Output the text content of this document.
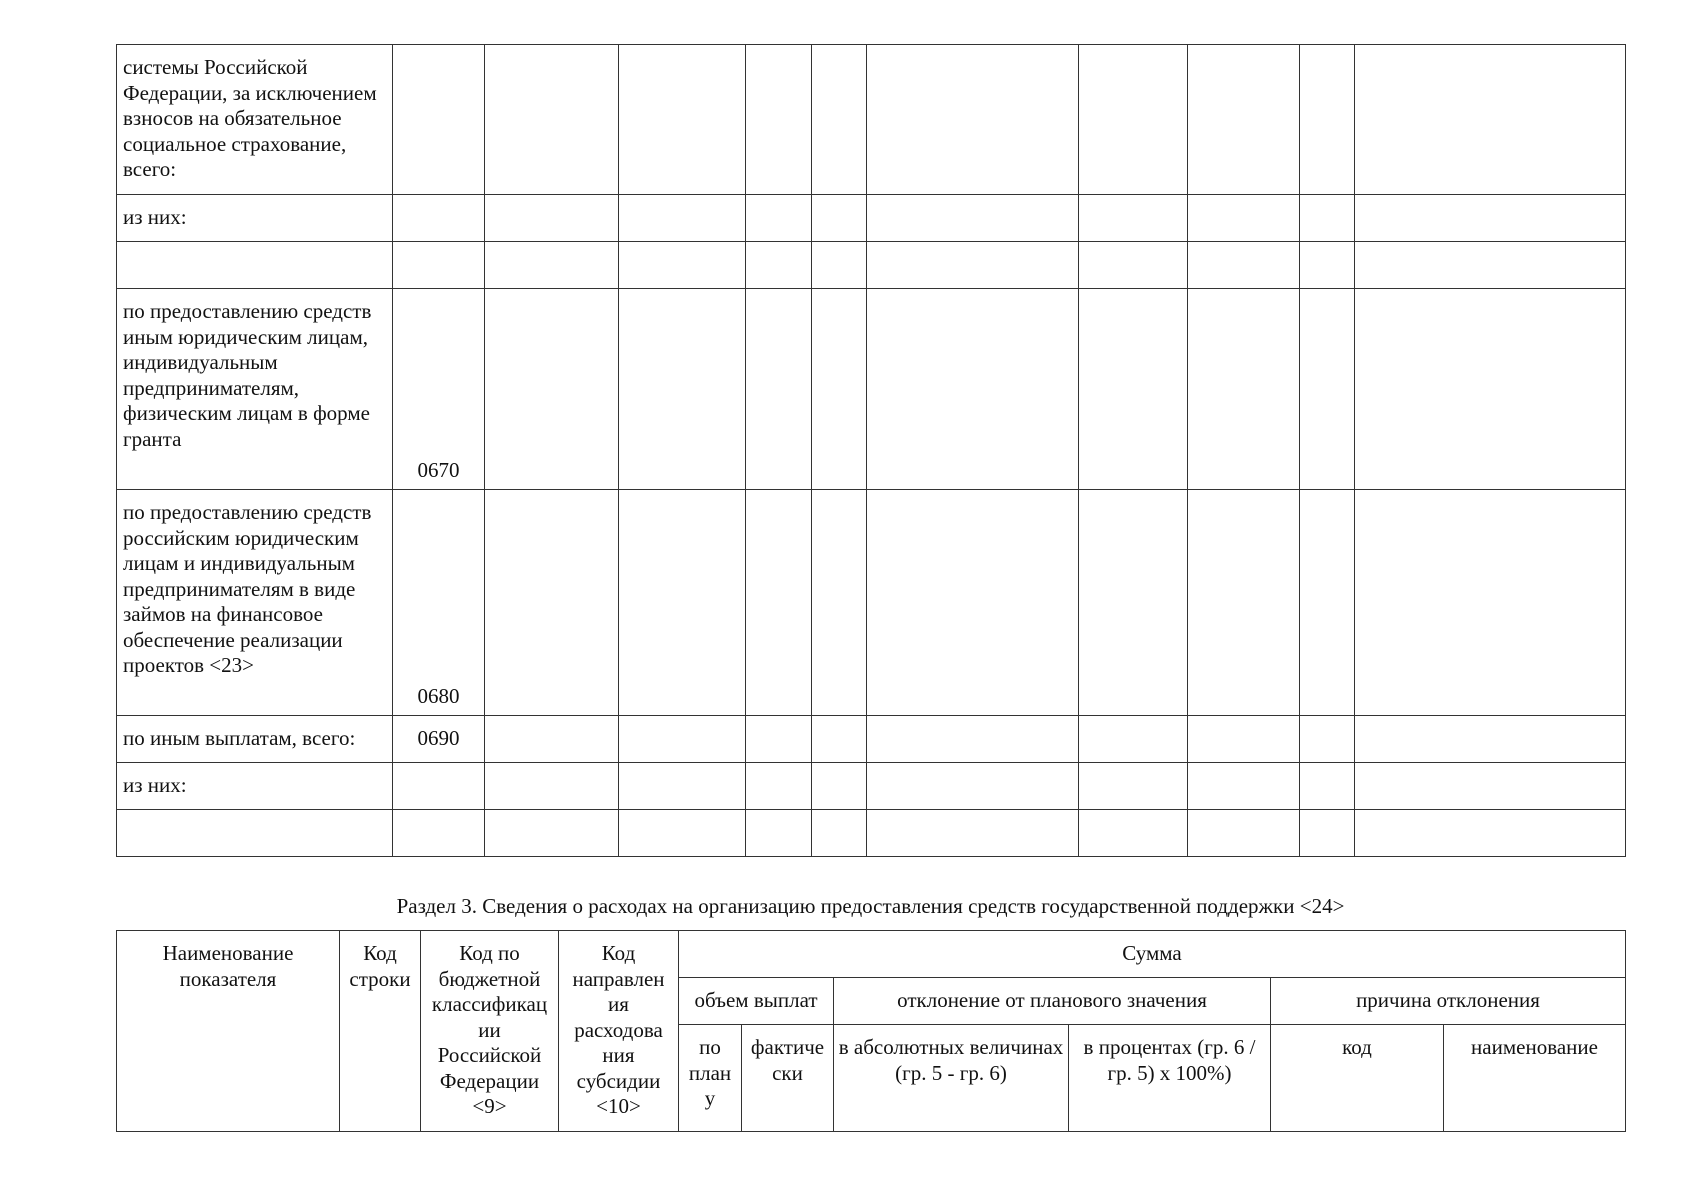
системы Российской Федерации, за исключением взносов на обязательное социальное страхование, всего:										
из них:										

по предоставлению средств иным юридическим лицам, индивидуальным предпринимателям, физическим лицам в форме гранта	0670									
по предоставлению средств российским юридическим лицам и индивидуальным предпринимателям в виде займов на финансовое обеспечение реализации проектов <23>	0680									
по иным выплатам, всего:	0690									
из них:										

Раздел 3. Сведения о расходах на организацию предоставления средств государственной поддержки <24>
Наименование показателя	Код строки	Код по бюджетной классификац ии Российской Федерации <9>	Код направлен ия расходова ния субсидии <10>	Сумма					
				объем выплат		отклонение от планового значения		причина отклонения	
				по план у	фактиче ски	в абсолютных величинах (гр. 5 - гр. 6)	в процентах (гр. 6 / гр. 5) x 100%)	код	наименование
